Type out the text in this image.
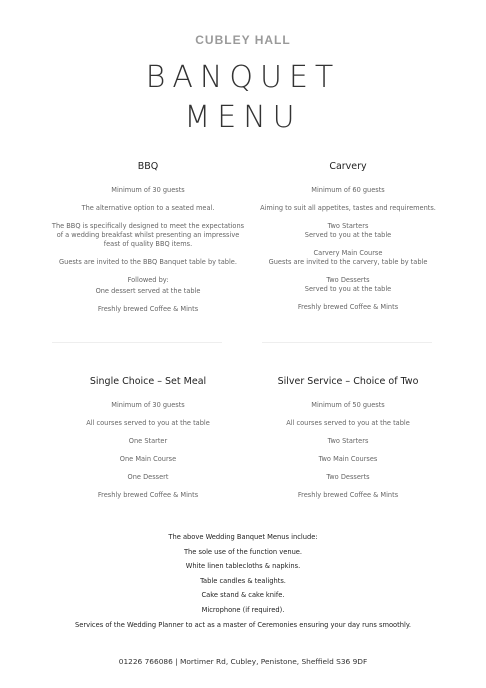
CUBLEY HALL
BANQUET
MENU
BBQ

Minimum of 30 guests

The alternative option to a seated meal.

The BBQ is specifically designed to meet the expectations of a wedding breakfast whilst presenting an impressive feast of quality BBQ items.

Guests are invited to the BBQ Banquet table by table.

Followed by:

One dessert served at the table

Freshly brewed Coffee & Mints

Carvery

Minimum of 60 guests

Aiming to suit all appetites, tastes and requirements.

Two Starters

Served to you at the table

Carvery Main Course

Guests are invited to the carvery, table by table

Two Desserts

Served to you at the table

Freshly brewed Coffee & Mints

Single Choice – Set Meal

Minimum of 30 guests

All courses served to you at the table

One Starter

One Main Course

One Dessert

Freshly brewed Coffee & Mints

Silver Service – Choice of Two

Minimum of 50 guests

All courses served to you at the table

Two Starters

Two Main Courses

Two Desserts

Freshly brewed Coffee & Mints

The above Wedding Banquet Menus include:
The sole use of the function venue.
White linen tablecloths & napkins.
Table candles & tealights.
Cake stand & cake knife.
Microphone (if required).
Services of the Wedding Planner to act as a master of Ceremonies ensuring your day runs smoothly.
01226 766086 | Mortimer Rd, Cubley, Penistone, Sheffield S36 9DF
